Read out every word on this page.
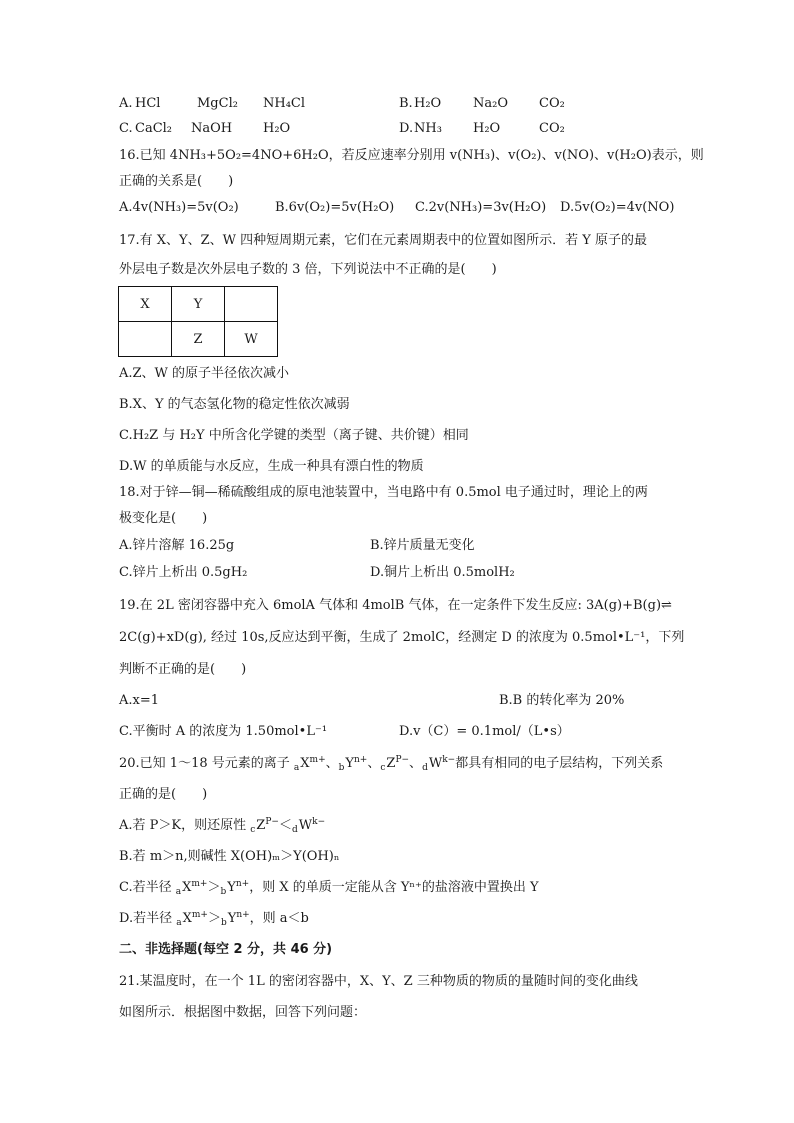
A. HCl	MgCl₂ NH₄Cl	B. H₂O Na₂O CO₂
C. CaCl₂ NaOH H₂O	D. NH₃ H₂O	CO₂
16.已知 4NH₃+5O₂=4NO+6H₂O，若反应速率分别用 v(NH₃)、v(O₂)、v(NO)、v(H₂O)表示，则
正确的关系是(　　)
A.4v(NH₃)=5v(O₂)	B.6v(O₂)=5v(H₂O) C.2v(NH₃)=3v(H₂O) D.5v(O₂)=4v(NO)
17.有 X、Y、Z、W 四种短周期元素，它们在元素周期表中的位置如图所示．若 Y 原子的最
外层电子数是次外层电子数的 3 倍，下列说法中不正确的是(　　)
X	Y	
	Z	W
A.Z、W 的原子半径依次减小
B.X、Y 的气态氢化物的稳定性依次减弱
C.H₂Z 与 H₂Y 中所含化学键的类型（离子键、共价键）相同
D.W 的单质能与水反应，生成一种具有漂白性的物质
18.对于锌—铜—稀硫酸组成的原电池装置中，当电路中有 0.5mol 电子通过时，理论上的两
极变化是(　　)
A.锌片溶解 16.25g	B.锌片质量无变化
C.锌片上析出 0.5gH₂	D.铜片上析出 0.5molH₂
19.在 2L 密闭容器中充入 6molA 气体和 4molB 气体，在一定条件下发生反应: 3A(g)+B(g)⇌
2C(g)+xD(g), 经过 10s,反应达到平衡，生成了 2molC，经测定 D 的浓度为 0.5mol•L⁻¹，下列
判断不正确的是(　　)
A.x=1	B.B 的转化率为 20%
C.平衡时 A 的浓度为 1.50mol•L⁻¹	D.v（C）= 0.1mol/（L•s）
20.已知 1～18 号元素的离子 $_aX^{m+}$、$_bY^{n+}$、$_cZ^{P-}$、$_dW^{k-}$都具有相同的电子层结构，下列关系
正确的是(　　)
A.若 P＞K，则还原性 $_cZ^{P-}<_dW^{k-}$
B.若 m＞n,则碱性 X(OH)ₘ＞Y(OH)ₙ
C.若半径 $_aX^{m+}>_bY^{n+}$，则 X 的单质一定能从含 Yⁿ⁺的盐溶液中置换出 Y
D.若半径 $_aX^{m+}>_bY^{n+}$，则 a＜b
二、非选择题(每空 2 分，共 46 分)
21.某温度时，在一个 1L 的密闭容器中，X、Y、Z 三种物质的物质的量随时间的变化曲线
如图所示．根据图中数据，回答下列问题：
